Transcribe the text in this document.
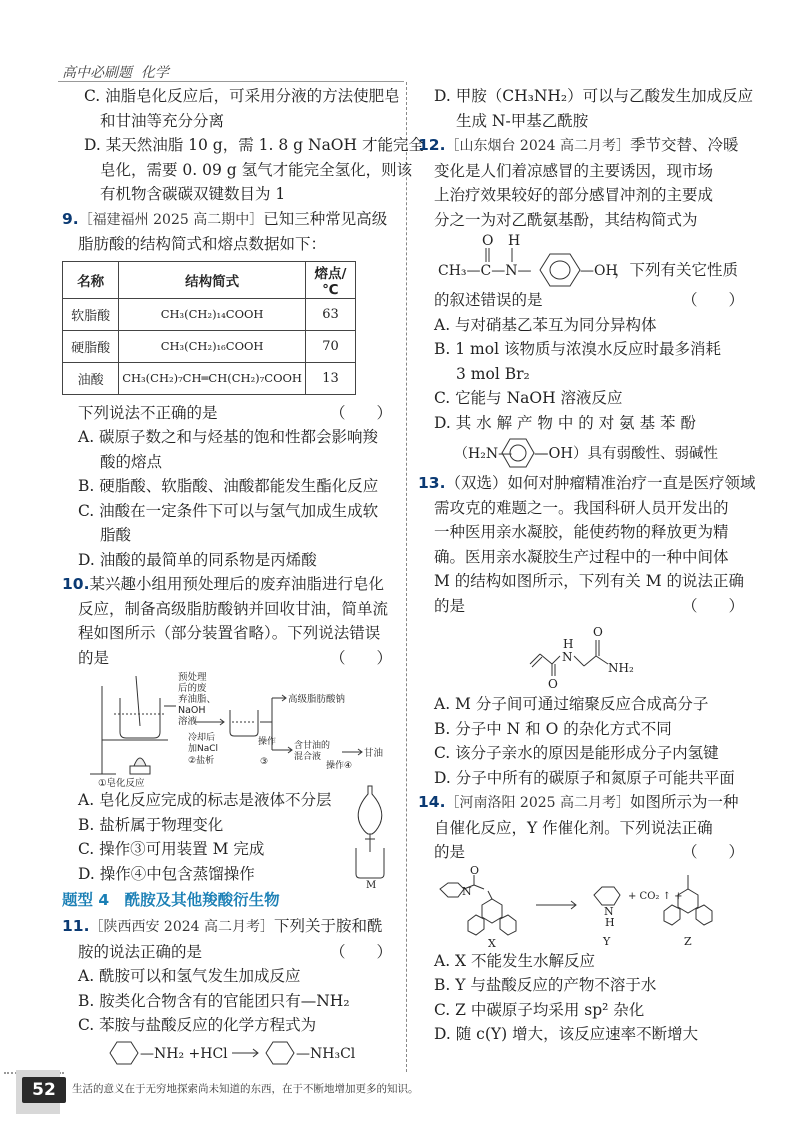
高中必刷题 化学
C. 油脂皂化反应后，可采用分液的方法使肥皂
和甘油等充分分离
D. 某天然油脂 10 g，需 1. 8 g NaOH 才能完全
皂化，需要 0. 09 g 氢气才能完全氢化，则该
有机物含碳碳双键数目为 1
9.［福建福州 2025 高二期中］已知三种常见高级
脂肪酸的结构简式和熔点数据如下：
名称	结构简式	熔点/℃
软脂酸	CH₃(CH₂)₁₄COOH	63
硬脂酸	CH₃(CH₂)₁₆COOH	70
油酸	CH₃(CH₂)₇CH═CH(CH₂)₇COOH	13
下列说法不正确的是	（　　）
A. 碳原子数之和与烃基的饱和性都会影响羧
酸的熔点
B. 硬脂酸、软脂酸、油酸都能发生酯化反应
C. 油酸在一定条件下可以与氢气加成生成软
脂酸
D. 油酸的最简单的同系物是丙烯酸
10.某兴趣小组用预处理后的废弃油脂进行皂化
反应，制备高级脂肪酸钠并回收甘油，简单流
程如图所示（部分装置省略）。下列说法错误
的是	（　　）
预处理
后的废
弃油脂、
NaOH
溶液
冷却后
加NaCl
②盐析
高级脂肪酸钠
操作
③
含甘油的
混合液
操作④
甘油
①皂化反应
A. 皂化反应完成的标志是液体不分层
B. 盐析属于物理变化
C. 操作③可用装置 M 完成
D. 操作④中包含蒸馏操作
M
题型 4　酰胺及其他羧酸衍生物
11.［陕西西安 2024 高二月考］下列关于胺和酰
胺的说法正确的是	（　　）
A. 酰胺可以和氢气发生加成反应
B. 胺类化合物含有的官能团只有—NH₂
C. 苯胺与盐酸反应的化学方程式为
—NH₂ +HCl	—NH₃Cl
D. 甲胺（CH₃NH₂）可以与乙酸发生加成反应
生成 N-甲基乙酰胺
12.［山东烟台 2024 高二月考］季节交替、冷暖
变化是人们着凉感冒的主要诱因，现市场
上治疗效果较好的部分感冒冲剂的主要成
分之一为对乙酰氨基酚，其结构简式为
O H
CH₃—C—N—	—OH
，下列有关它性质
的叙述错误的是	（　　）
A. 与对硝基乙苯互为同分异构体
B. 1 mol 该物质与浓溴水反应时最多消耗
3 mol Br₂
C. 它能与 NaOH 溶液反应
D. 其 水 解 产 物 中 的 对 氨 基 苯 酚
（H₂N— —OH）具有弱酸性、弱碱性
13.（双选）如何对肿瘤精准治疗一直是医疗领域
需攻克的难题之一。我国科研人员开发出的
一种医用亲水凝胶，能使药物的释放更为精
确。医用亲水凝胶生产过程中的一种中间体
M 的结构如图所示，下列有关 M 的说法正确
的是	（　　）
H
N
O
O
NH₂
A. M 分子间可通过缩聚反应合成高分子
B. 分子中 N 和 O 的杂化方式不同
C. 该分子亲水的原因是能形成分子内氢键
D. 分子中所有的碳原子和氮原子可能共平面
14.［河南洛阳 2025 高二月考］如图所示为一种
自催化反应，Y 作催化剂。下列说法正确
的是	（　　）
N
O
N
H
+ CO₂ ↑ +
X	Y	Z
A. X 不能发生水解反应
B. Y 与盐酸反应的产物不溶于水
C. Z 中碳原子均采用 sp² 杂化
D. 随 c(Y) 增大，该反应速率不断增大
52	生活的意义在于无穷地探索尚未知道的东西，在于不断地增加更多的知识。
